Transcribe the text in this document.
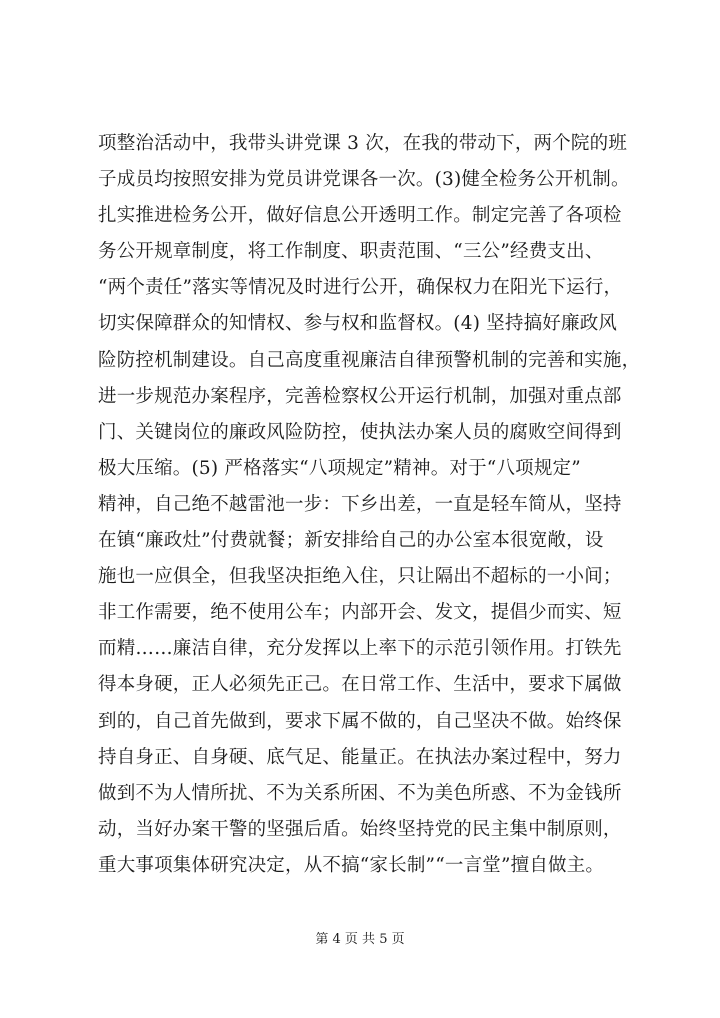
项整治活动中，我带头讲党课 3 次，在我的带动下，两个院的班
子成员均按照安排为党员讲党课各一次。(3)健全检务公开机制。
扎实推进检务公开，做好信息公开透明工作。制定完善了各项检
务公开规章制度，将工作制度、职责范围、“三公”经费支出、
“两个责任”落实等情况及时进行公开，确保权力在阳光下运行，
切实保障群众的知情权、参与权和监督权。(4) 坚持搞好廉政风
险防控机制建设。自己高度重视廉洁自律预警机制的完善和实施，
进一步规范办案程序，完善检察权公开运行机制，加强对重点部
门、关键岗位的廉政风险防控，使执法办案人员的腐败空间得到
极大压缩。(5) 严格落实“八项规定”精神。对于“八项规定”
精神，自己绝不越雷池一步：下乡出差，一直是轻车简从，坚持
在镇“廉政灶”付费就餐；新安排给自己的办公室本很宽敞，设
施也一应俱全，但我坚决拒绝入住，只让隔出不超标的一小间；
非工作需要，绝不使用公车；内部开会、发文，提倡少而实、短
而精……廉洁自律，充分发挥以上率下的示范引领作用。打铁先
得本身硬，正人必须先正己。在日常工作、生活中，要求下属做
到的，自己首先做到，要求下属不做的，自己坚决不做。始终保
持自身正、自身硬、底气足、能量正。在执法办案过程中，努力
做到不为人情所扰、不为关系所困、不为美色所惑、不为金钱所
动，当好办案干警的坚强后盾。始终坚持党的民主集中制原则，
重大事项集体研究决定，从不搞“家长制”“一言堂”擅自做主。
第 4 页 共 5 页
